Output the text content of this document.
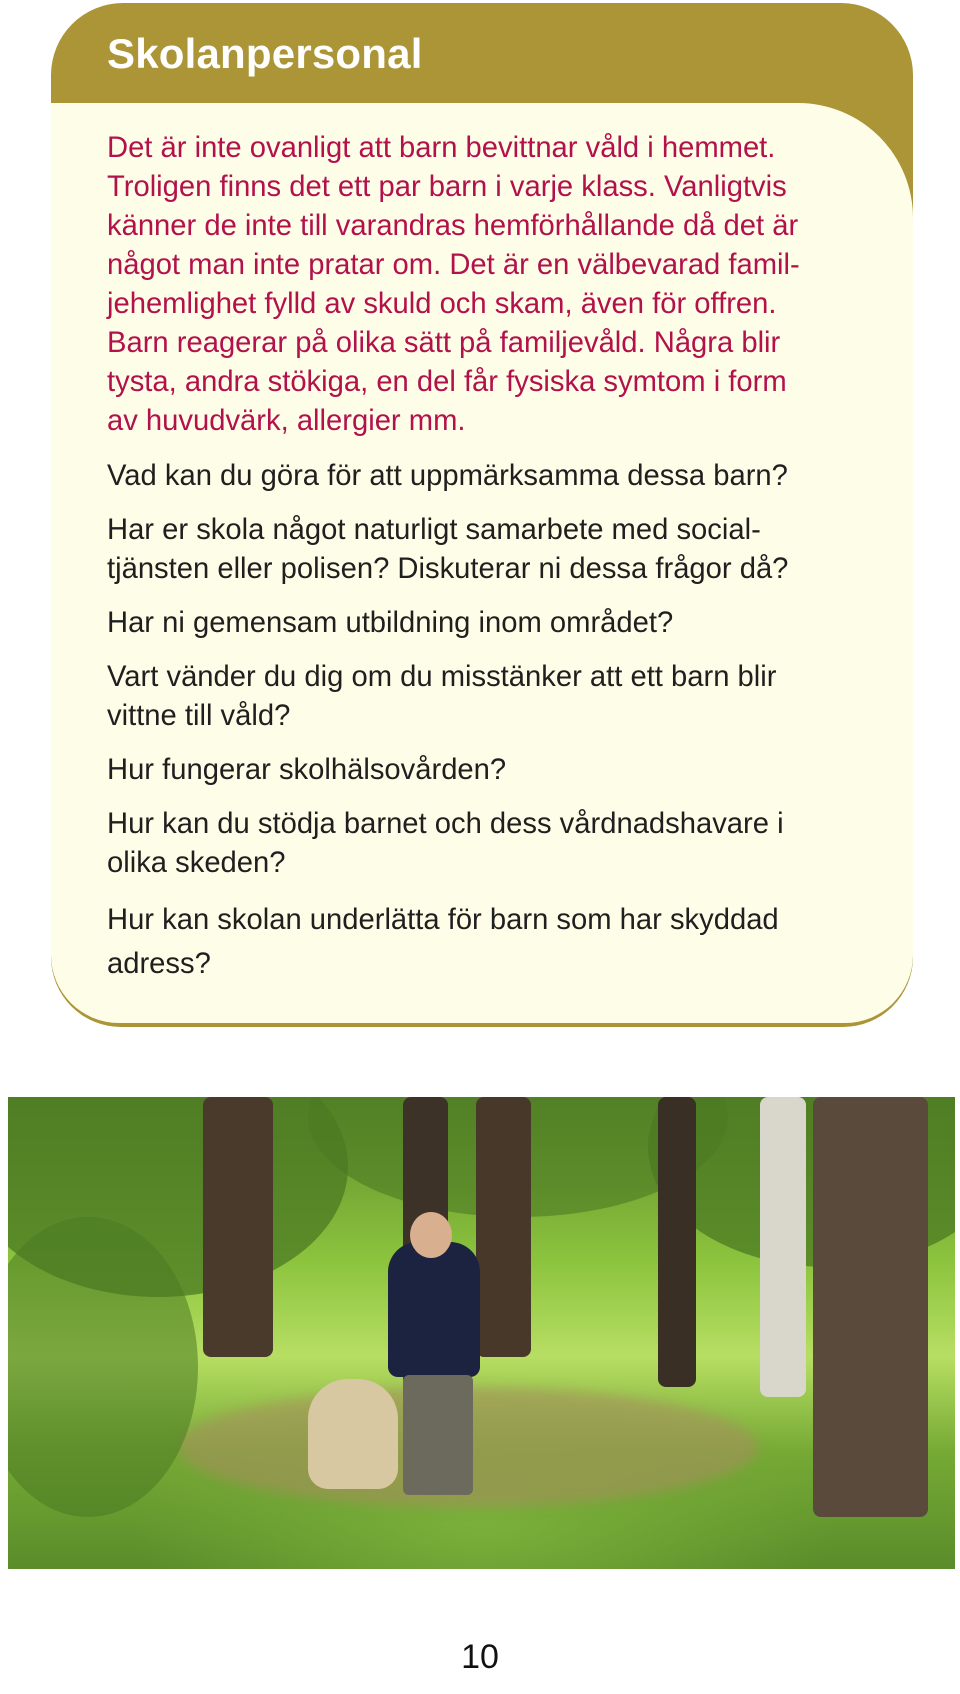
Skolanpersonal

Det är inte ovanligt att barn bevittnar våld i hemmet.
Troligen finns det ett par barn i varje klass. Vanligtvis
känner de inte till varandras hemförhållande då det är
något man inte pratar om. Det är en välbevarad famil-
jehemlighet fylld av skuld och skam, även för offren.
Barn reagerar på olika sätt på familjevåld. Några blir
tysta, andra stökiga, en del får fysiska symtom i form
av huvudvärk, allergier mm.

Vad kan du göra för att uppmärksamma dessa barn?

Har er skola något naturligt samarbete med social-
tjänsten eller polisen? Diskuterar ni dessa frågor då?

Har ni gemensam utbildning inom området?

Vart vänder du dig om du misstänker att ett barn blir
vittne till våld?

Hur fungerar skolhälsovården?

Hur kan du stödja barnet och dess vårdnadshavare i
olika skeden?

Hur kan skolan underlätta för barn som har skyddad
adress?

10
